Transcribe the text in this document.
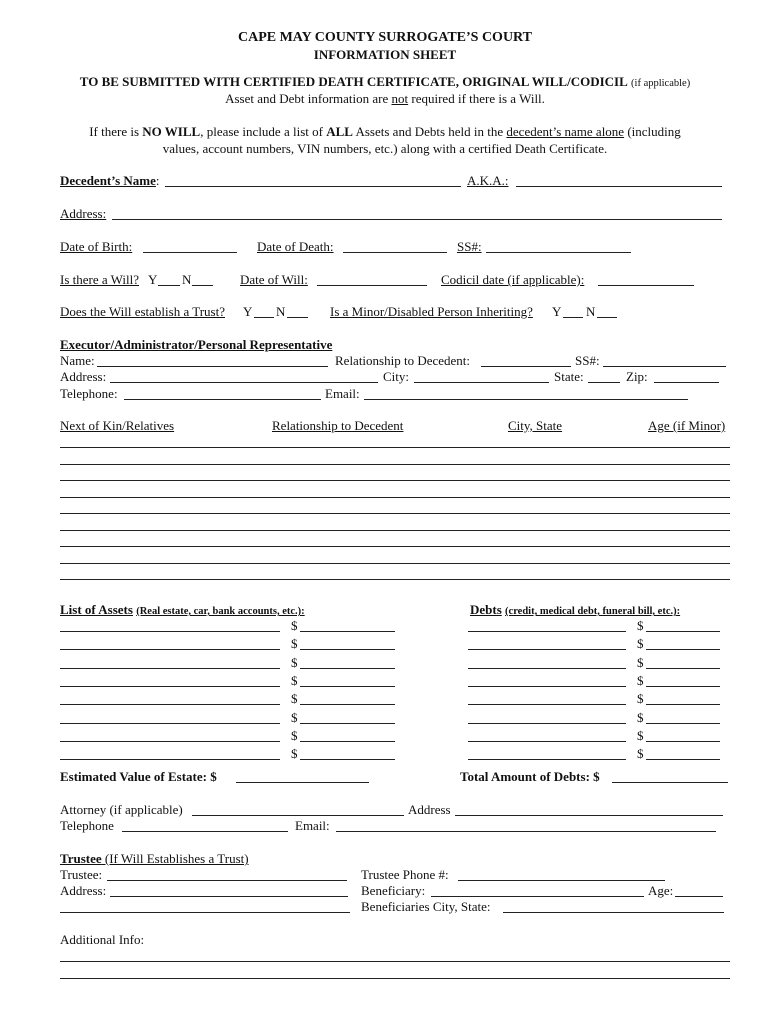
CAPE MAY COUNTY SURROGATE’S COURT
INFORMATION SHEET
TO BE SUBMITTED WITH CERTIFIED DEATH CERTIFICATE, ORIGINAL WILL/CODICIL (if applicable)
Asset and Debt information are not required if there is a Will.
If there is NO WILL, please include a list of ALL Assets and Debts held in the decedent’s name alone (including
values, account numbers, VIN numbers, etc.) along with a certified Death Certificate.
Decedent’s Name:	A.K.A.:
Address:
Date of Birth:	Date of Death:	SS#:
Is there a Will? Y N	Date of Will:	Codicil date (if applicable):
Does the Will establish a Trust? Y N	Is a Minor/Disabled Person Inheriting? Y N
Executor/Administrator/Personal Representative
Name:	Relationship to Decedent:	SS#:
Address:	City:	State:	Zip:
Telephone:	Email:
Next of Kin/Relatives	Relationship to Decedent	City, State	Age (if Minor)
List of Assets (Real estate, car, bank accounts, etc.):	Debts (credit, medical debt, funeral bill, etc.):
$	$
$	$
$	$
$	$
$	$
$	$
$	$
$	$
Estimated Value of Estate: $	Total Amount of Debts: $
Attorney (if applicable)	Address
Telephone	Email:
Trustee (If Will Establishes a Trust)
Trustee:	Trustee Phone #:
Address:	Beneficiary:	Age:
Beneficiaries City, State:
Additional Info:
